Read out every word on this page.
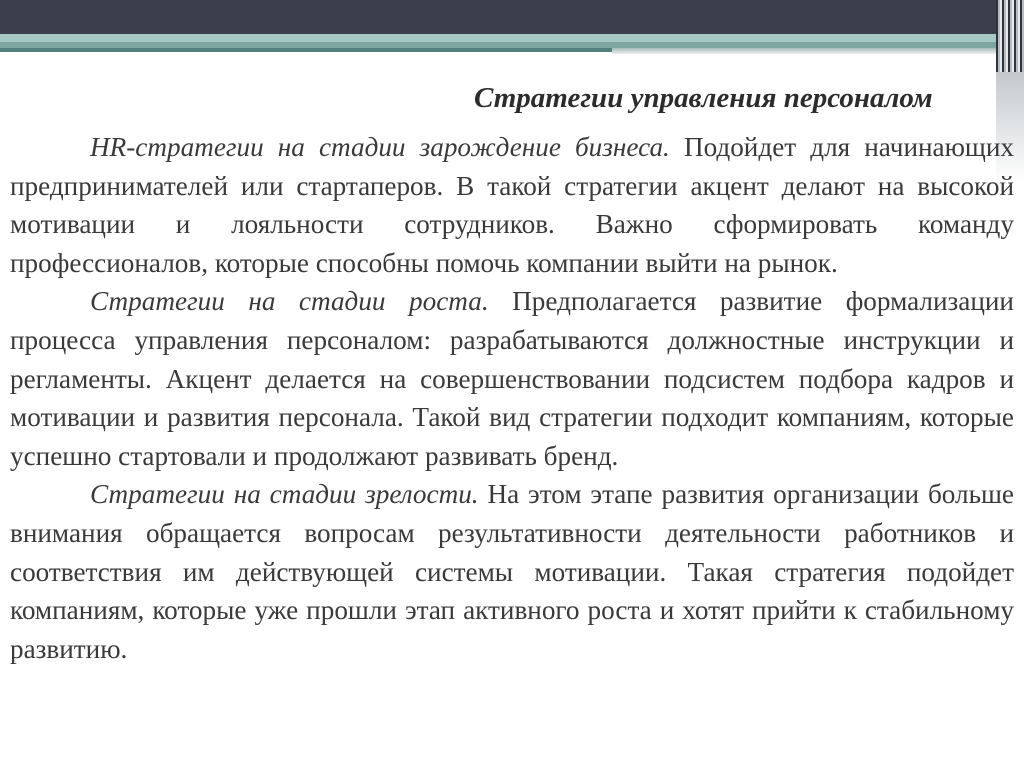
Стратегии управления персоналом

HR-стратегии на стадии зарождение бизнеса. Подойдет для начинающих предпринимателей или стартаперов. В такой стратегии акцент делают на высокой мотивации и лояльности сотрудников. Важно сформировать команду профессионалов, которые способны помочь компании выйти на рынок.

Стратегии на стадии роста. Предполагается развитие формализации процесса управления персоналом: разрабатываются должностные инструкции и регламенты. Акцент делается на совершенствовании подсистем подбора кадров и мотивации и развития персонала. Такой вид стратегии подходит компаниям, которые успешно стартовали и продолжают развивать бренд.

Стратегии на стадии зрелости. На этом этапе развития организации больше внимания обращается вопросам результативности деятельности работников и соответствия им действующей системы мотивации. Такая стратегия подойдет компаниям, которые уже прошли этап активного роста и хотят прийти к стабильному развитию.
